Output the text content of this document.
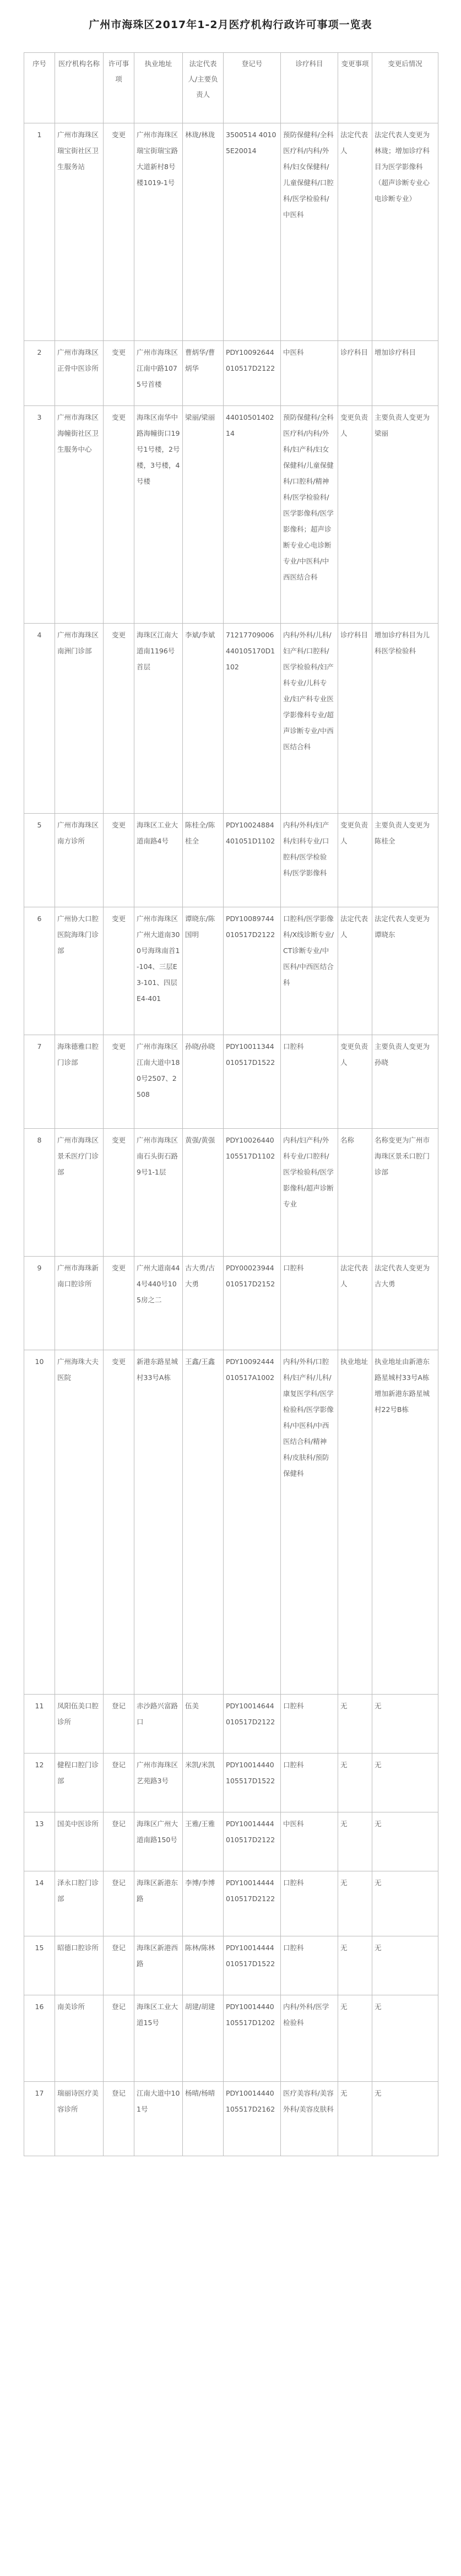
广州市海珠区2017年1-2月医疗机构行政许可事项一览表
序号	医疗机构名称	许可事项	执业地址	法定代表人/主要负责人	登记号	诊疗科目	变更事项	变更后情况
1	广州市海珠区瑞宝街社区卫生服务站	变更	广州市海珠区瑞宝街瑞宝路大道新村8号楼1019-1号	林珑/林珑	3500514 40105E20014	预防保健科/全科医疗科/内科/外科/妇女保健科/儿童保健科/口腔科/医学检验科/中医科	法定代表人	法定代表人变更为林珑；增加诊疗科目为医学影像科（超声诊断专业心电诊断专业）
2	广州市海珠区正骨中医诊所	变更	广州市海珠区江南中路1075号首楼	曹炳华/曹炳华	PDY10092644010517D2122	中医科	诊疗科目	增加诊疗科目
3	广州市海珠区海幢街社区卫生服务中心	变更	海珠区南华中路海幢街口19号1号楼，2号楼，3号楼，4号楼	梁丽/梁丽	4401050140214	预防保健科/全科医疗科/内科/外科/妇产科/妇女保健科/儿童保健科/口腔科/精神科/医学检验科/医学影像科/医学影像科；超声诊断专业心电诊断专业/中医科/中西医结合科	变更负责人	主要负责人变更为梁丽
4	广州市海珠区南洲门诊部	变更	海珠区江南大道南1196号首层	李斌/李斌	71217709006440105170D1102	内科/外科/儿科/妇产科/口腔科/医学检验科/妇产科专业/儿科专业/妇产科专业医学影像科专业/超声诊断专业/中西医结合科	诊疗科目	增加诊疗科目为儿科医学检验科
5	广州市海珠区南方诊所	变更	海珠区工业大道南路4号	陈桂全/陈桂全	PDY10024884401051D1102	内科/外科/妇产科/妇科专业/口腔科/医学检验科/医学影像科	变更负责人	主要负责人变更为陈桂全
6	广州协大口腔医院海珠门诊部	变更	广州市海珠区广州大道南300号海珠南首1-104、三层E3-101、四层E4-401	谭晓东/陈国明	PDY10089744010517D2122	口腔科/医学影像科/X线诊断专业/CT诊断专业/中医科/中西医结合科	法定代表人	法定代表人变更为谭晓东
7	海珠德雅口腔门诊部	变更	广州市海珠区江南大道中180号2507、2508	孙晓/孙晓	PDY10011344010517D1522	口腔科	变更负责人	主要负责人变更为孙晓
8	广州市海珠区景禾医疗门诊部	变更	广州市海珠区南石头街石路9号1-1层	黄强/黄强	PDY10026440105517D1102	内科/妇产科/外科专业/口腔科/医学检验科/医学影像科/超声诊断专业	名称	名称变更为广州市海珠区景禾口腔门诊部
9	广州市海珠新南口腔诊所	变更	广州大道南444号440号105房之二	古大勇/古大勇	PDY00023944010517D2152	口腔科	法定代表人	法定代表人变更为古大勇
10	广州海珠大夫医院	变更	新港东路星城村33号A栋	王鑫/王鑫	PDY10092444010517A1002	内科/外科/口腔科/妇产科/儿科/康复医学科/医学检验科/医学影像科/中医科/中西医结合科/精神科/皮肤科/预防保健科	执业地址	执业地址由新港东路星城村33号A栋增加新港东路星城村22号B栋
11	凤阳伍美口腔诊所	登记	赤沙路兴富路口	伍美	PDY10014644010517D2122	口腔科	无	无
12	健程口腔门诊部	登记	广州市海珠区艺苑路3号	米凯/米凯	PDY10014440105517D1522	口腔科	无	无
13	国美中医诊所	登记	海珠区广州大道南路150号	王雅/王雅	PDY10014444010517D2122	中医科	无	无
14	泽永口腔门诊部	登记	海珠区新港东路	李博/李博	PDY10014444010517D2122	口腔科	无	无
15	昭德口腔诊所	登记	海珠区新港西路	陈林/陈林	PDY10014444010517D1522	口腔科	无	无
16	南美诊所	登记	海珠区工业大道15号	胡建/胡建	PDY10014440105517D1202	内科/外科/医学检验科	无	无
17	瑞丽诗医疗美容诊所	登记	江南大道中101号	杨晴/杨晴	PDY10014440105517D2162	医疗美容科/美容外科/美容皮肤科	无	无
